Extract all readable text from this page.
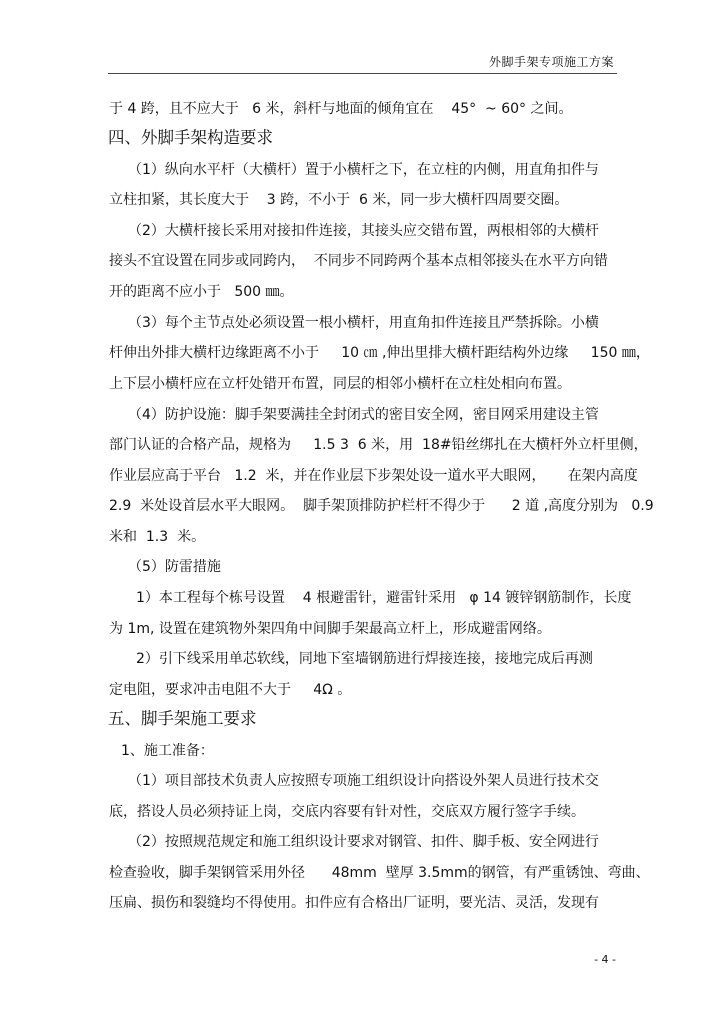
外脚手架专项施工方案
于 4 跨，且不应大于   6 米，斜杆与地面的倾角宜在    45°  ~ 60° 之间。
四、外脚手架构造要求
（1）纵向水平杆（大横杆）置于小横杆之下，在立柱的内侧，用直角扣件与
立柱扣紧，其长度大于    3 跨，不小于  6 米，同一步大横杆四周要交圈。
（2）大横杆接长采用对接扣件连接，其接头应交错布置，两根相邻的大横杆
接头不宜设置在同步或同跨内，  不同步不同跨两个基本点相邻接头在水平方向错
开的距离不应小于   500 ㎜。
（3）每个主节点处必须设置一根小横杆，用直角扣件连接且严禁拆除。小横
杆伸出外排大横杆边缘距离不小于     10 ㎝ ,伸出里排大横杆距结构外边缘     150 ㎜，
上下层小横杆应在立杆处错开布置，同层的相邻小横杆在立柱处相向布置。
（4）防护设施：脚手架要满挂全封闭式的密目安全网，密目网采用建设主管
部门认证的合格产品，规格为     1.5 3  6 米，用  18#铅丝绑扎在大横杆外立杆里侧，
作业层应高于平台   1.2  米，并在作业层下步架处设一道水平大眼网，     在架内高度
2.9  米处设首层水平大眼网。  脚手架顶排防护栏杆不得少于      2 道 ,高度分别为   0.9
米和  1.3  米。
（5）防雷措施
1）本工程每个栋号设置    4 根避雷针，避雷针采用   φ 14 镀锌钢筋制作，长度
为 1m, 设置在建筑物外架四角中间脚手架最高立杆上，形成避雷网络。
2）引下线采用单芯软线，同地下室墙钢筋进行焊接连接，接地完成后再测
定电阻，要求冲击电阻不大于     4Ω 。
五、脚手架施工要求
1、施工准备：
（1）项目部技术负责人应按照专项施工组织设计向搭设外架人员进行技术交
底，搭设人员必须持证上岗，交底内容要有针对性，交底双方履行签字手续。
（2）按照规范规定和施工组织设计要求对钢管、扣件、脚手板、安全网进行
检查验收，脚手架钢管采用外径      48mm  壁厚 3.5mm的钢管，有严重锈蚀、弯曲、
压扁、损伤和裂缝均不得使用。扣件应有合格出厂证明，要光洁、灵活，发现有
- 4 -
